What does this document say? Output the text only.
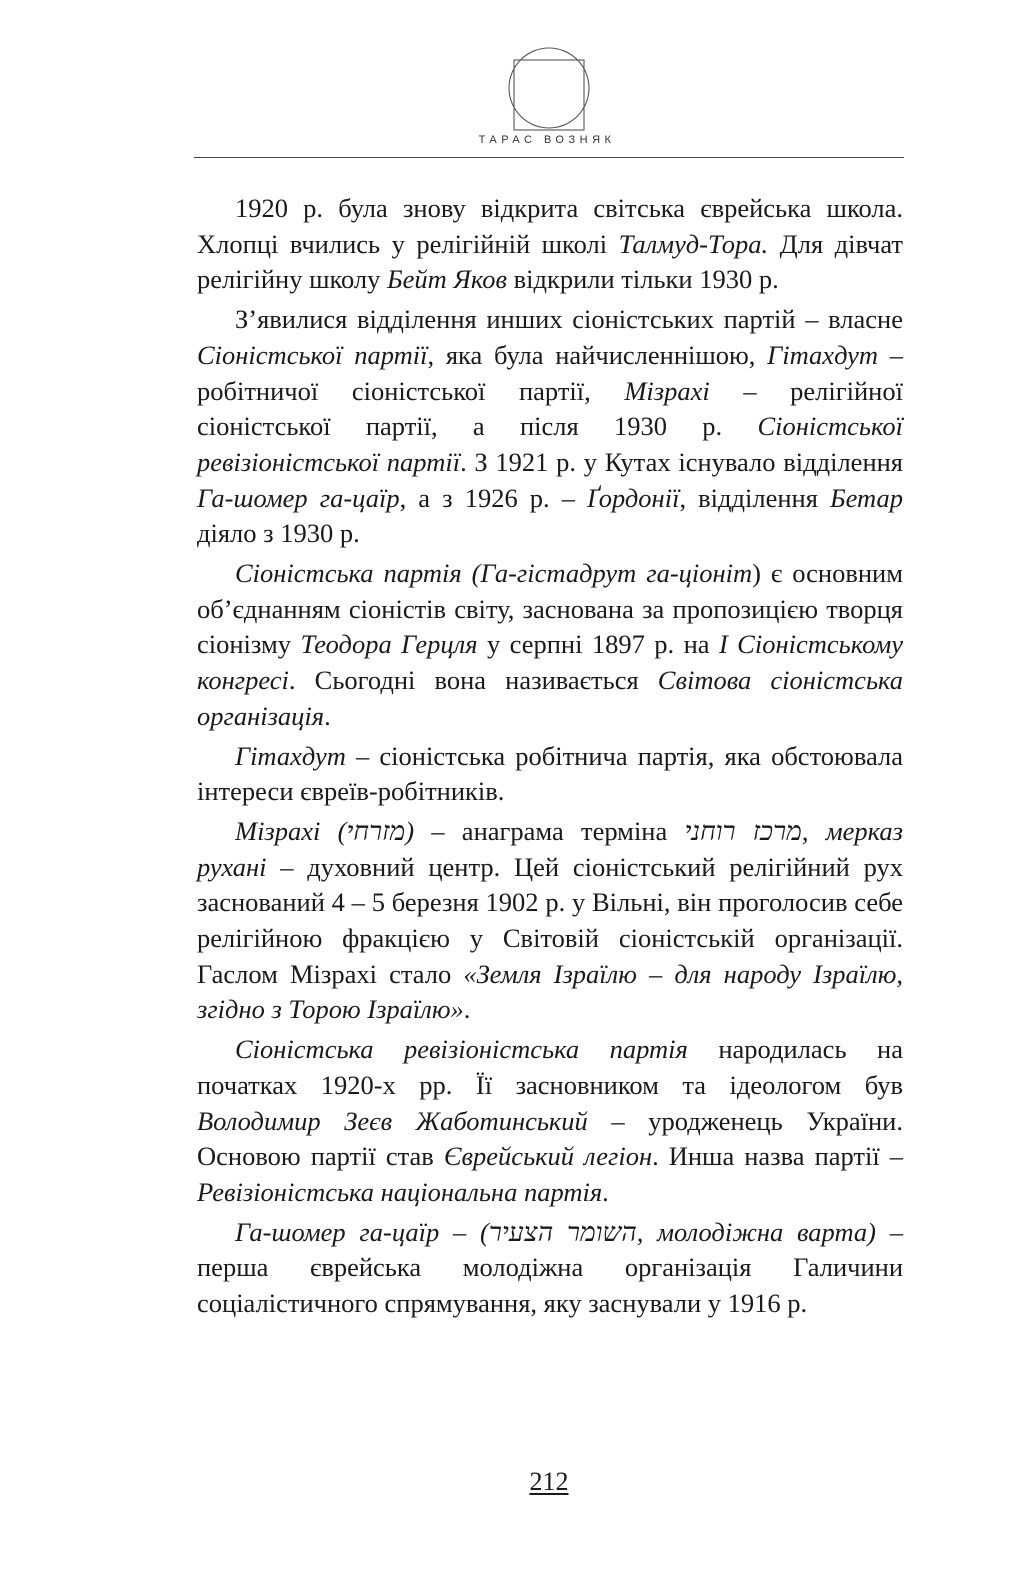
ТАРАС ВОЗНЯК

1920 р. була знову відкрита світська єврейська школа. Хлопці вчились у релігійній школі Талмуд-Тора. Для дівчат релігійну школу Бейт Яков відкрили тільки 1930 р.

З’явилися відділення инших сіоністських партій – власне Сіоністської партії, яка була найчисленнішою, Гітахдут – робітничої сіоністської партії, Мізрахі – релігійної сіоністської партії, а після 1930 р. Сіоністської ревізіоністської партії. З 1921 р. у Кутах існувало відділення Га-шомер га-цаїр, а з 1926 р. – Ґордонії, відділення Бетар діяло з 1930 р.

Сіоністська партія (Га-гістадрут га-ціоніт) є основним об’єднанням сіоністів світу, заснована за пропозицією творця сіонізму Теодора Герцля у серпні 1897 р. на І Сіоністському конгресі. Сьогодні вона називається Світова сіоністська організація.

Гітахдут – сіоністська робітнича партія, яка обстоювала інтереси євреїв-робітників.

Мізрахі (מזרחי) – анаграма терміна מרכז רוחני, мерказ рухані – духовний центр. Цей сіоністський релігійний рух заснований 4 – 5 березня 1902 р. у Вільні, він проголосив себе релігійною фракцією у Світовій сіоністській організації. Гаслом Мізрахі стало «Земля Ізраїлю – для народу Ізраїлю, згідно з Торою Ізраїлю».

Сіоністська ревізіоністська партія народилась на початках 1920-х рр. Її засновником та ідеологом був Володимир Зеєв Жаботинський – уродженець України. Основою партії став Єврейський легіон. Инша назва партії – Ревізіоністська національна партія.

Га-шомер га-цаїр – (השומר הצעיר, молодіжна варта) – перша єврейська молодіжна організація Галичини соціалістичного спрямування, яку заснували у 1916 р.

212
